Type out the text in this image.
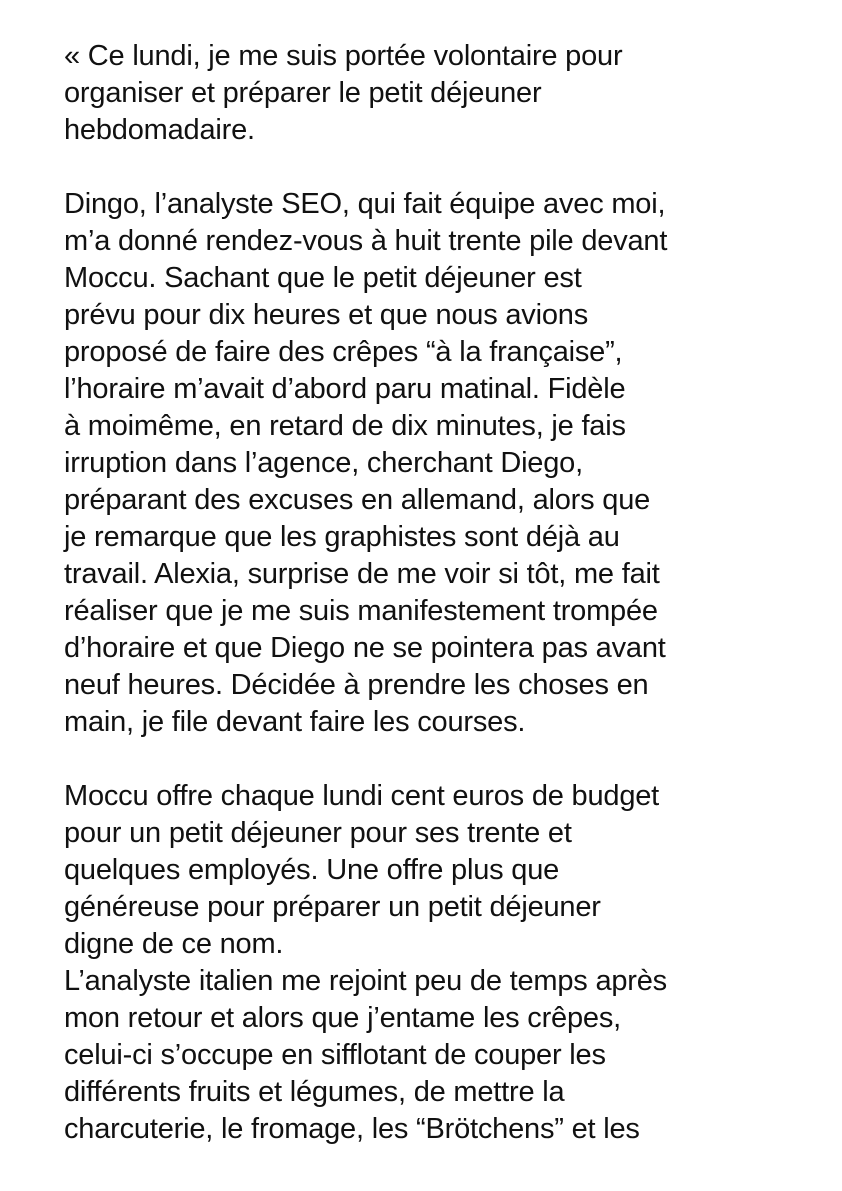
« Ce lundi, je me suis portée volontaire pour
organiser et préparer le petit déjeuner
hebdomadaire.
Dingo, l’analyste SEO, qui fait équipe avec moi,
m’a donné rendez-vous à huit trente pile devant
Moccu. Sachant que le petit déjeuner est
prévu pour dix heures et que nous avions
proposé de faire des crêpes “à la française”,
l’horaire m’avait d’abord paru matinal. Fidèle
à moimême, en retard de dix minutes, je fais
irruption dans l’agence, cherchant Diego,
préparant des excuses en allemand, alors que
je remarque que les graphistes sont déjà au
travail. Alexia, surprise de me voir si tôt, me fait
réaliser que je me suis manifestement trompée
d’horaire et que Diego ne se pointera pas avant
neuf heures. Décidée à prendre les choses en
main, je file devant faire les courses.
Moccu offre chaque lundi cent euros de budget
pour un petit déjeuner pour ses trente et
quelques employés. Une offre plus que
généreuse pour préparer un petit déjeuner
digne de ce nom.
L’analyste italien me rejoint peu de temps après
mon retour et alors que j’entame les crêpes,
celui-ci s’occupe en sifflotant de couper les
différents fruits et légumes, de mettre la
charcuterie, le fromage, les “Brötchens” et les
